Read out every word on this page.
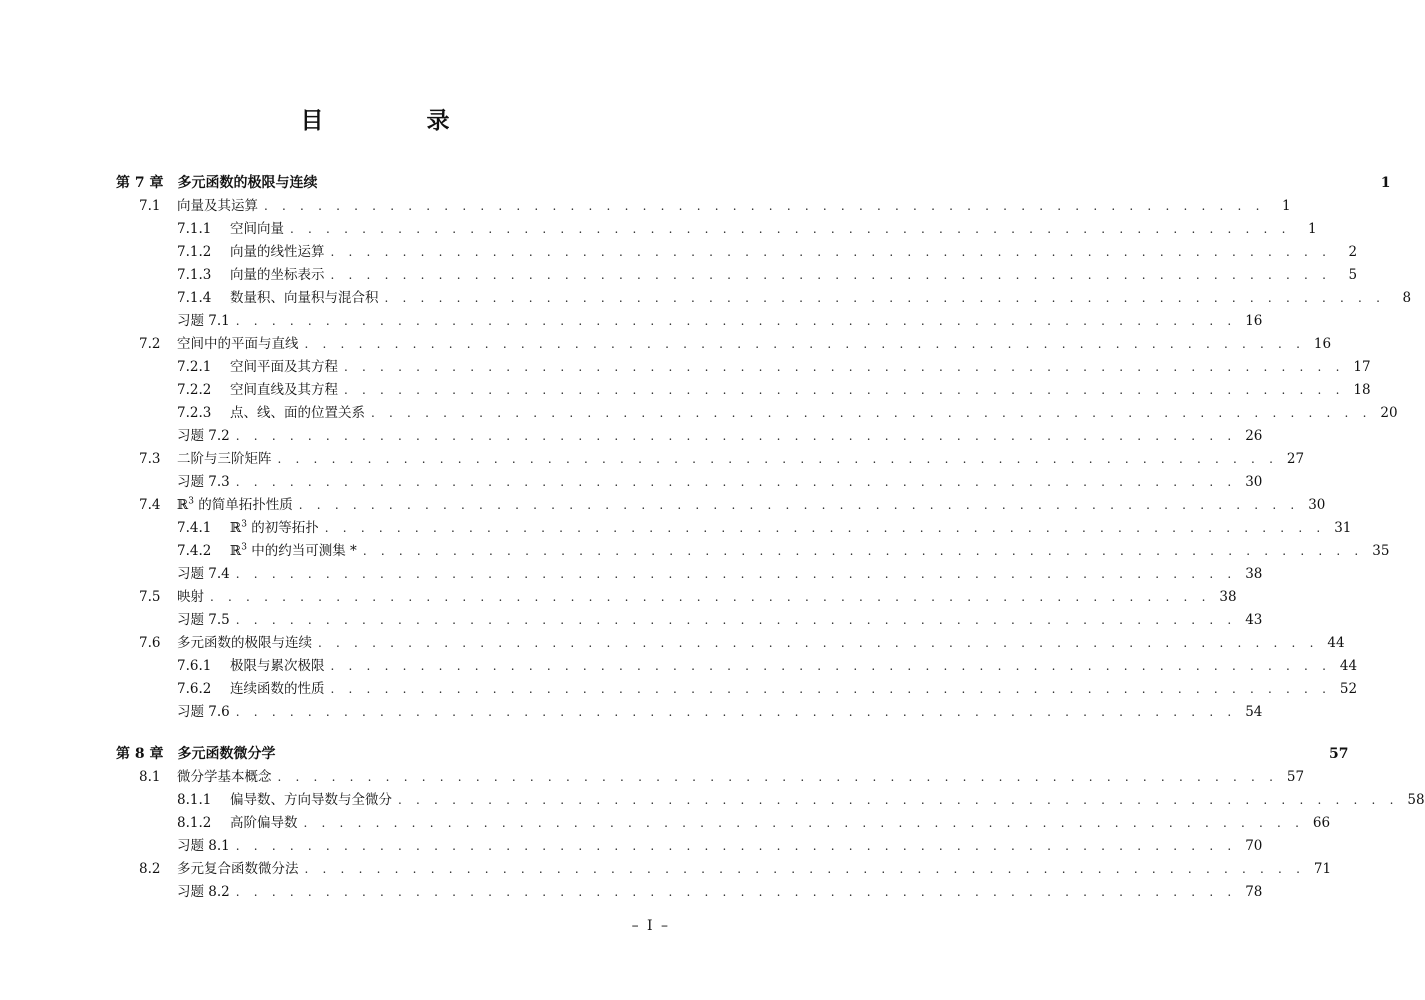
目　录
第 7 章 多元函数的极限与连续	1
7.1	向量及其运算 . . . . . . . . . . . . . . . . . . . . . . . . . . . . . . . . . . . . . . . . . . . . . . . . . . . . . . . .	1
7.1.1	空间向量 . . . . . . . . . . . . . . . . . . . . . . . . . . . . . . . . . . . . . . . . . . . . . . . . . . . . . . . .	1
7.1.2	向量的线性运算 . . . . . . . . . . . . . . . . . . . . . . . . . . . . . . . . . . . . . . . . . . . . . . . . . . . . . . . .	2
7.1.3	向量的坐标表示 . . . . . . . . . . . . . . . . . . . . . . . . . . . . . . . . . . . . . . . . . . . . . . . . . . . . . . . .	5
7.1.4	数量积、向量积与混合积 . . . . . . . . . . . . . . . . . . . . . . . . . . . . . . . . . . . . . . . . . . . . . . . . . . . . . . . .	8
习题 7.1 . . . . . . . . . . . . . . . . . . . . . . . . . . . . . . . . . . . . . . . . . . . . . . . . . . . . . . . . 16
7.2	空间中的平面与直线 . . . . . . . . . . . . . . . . . . . . . . . . . . . . . . . . . . . . . . . . . . . . . . . . . . . . . . . . 16
7.2.1	空间平面及其方程 . . . . . . . . . . . . . . . . . . . . . . . . . . . . . . . . . . . . . . . . . . . . . . . . . . . . . . . . 17
7.2.2	空间直线及其方程 . . . . . . . . . . . . . . . . . . . . . . . . . . . . . . . . . . . . . . . . . . . . . . . . . . . . . . . . 18
7.2.3	点、线、面的位置关系 . . . . . . . . . . . . . . . . . . . . . . . . . . . . . . . . . . . . . . . . . . . . . . . . . . . . . . . . 20
习题 7.2 . . . . . . . . . . . . . . . . . . . . . . . . . . . . . . . . . . . . . . . . . . . . . . . . . . . . . . . . 26
7.3	二阶与三阶矩阵 . . . . . . . . . . . . . . . . . . . . . . . . . . . . . . . . . . . . . . . . . . . . . . . . . . . . . . . . 27
习题 7.3 . . . . . . . . . . . . . . . . . . . . . . . . . . . . . . . . . . . . . . . . . . . . . . . . . . . . . . . . 30
7.4	ℝ$^3$ 的简单拓扑性质 . . . . . . . . . . . . . . . . . . . . . . . . . . . . . . . . . . . . . . . . . . . . . . . . . . . . . . . . 30
7.4.1	ℝ$^3$ 的初等拓扑 . . . . . . . . . . . . . . . . . . . . . . . . . . . . . . . . . . . . . . . . . . . . . . . . . . . . . . . . 31
7.4.2	ℝ$^3$ 中的约当可测集 * . . . . . . . . . . . . . . . . . . . . . . . . . . . . . . . . . . . . . . . . . . . . . . . . . . . . . . . . 35
习题 7.4 . . . . . . . . . . . . . . . . . . . . . . . . . . . . . . . . . . . . . . . . . . . . . . . . . . . . . . . . 38
7.5	映射 . . . . . . . . . . . . . . . . . . . . . . . . . . . . . . . . . . . . . . . . . . . . . . . . . . . . . . . . 38
习题 7.5 . . . . . . . . . . . . . . . . . . . . . . . . . . . . . . . . . . . . . . . . . . . . . . . . . . . . . . . . 43
7.6	多元函数的极限与连续 . . . . . . . . . . . . . . . . . . . . . . . . . . . . . . . . . . . . . . . . . . . . . . . . . . . . . . . . 44
7.6.1	极限与累次极限 . . . . . . . . . . . . . . . . . . . . . . . . . . . . . . . . . . . . . . . . . . . . . . . . . . . . . . . . 44
7.6.2	连续函数的性质 . . . . . . . . . . . . . . . . . . . . . . . . . . . . . . . . . . . . . . . . . . . . . . . . . . . . . . . . 52
习题 7.6 . . . . . . . . . . . . . . . . . . . . . . . . . . . . . . . . . . . . . . . . . . . . . . . . . . . . . . . . 54
第 8 章 多元函数微分学	57
8.1	微分学基本概念 . . . . . . . . . . . . . . . . . . . . . . . . . . . . . . . . . . . . . . . . . . . . . . . . . . . . . . . . 57
8.1.1	偏导数、方向导数与全微分 . . . . . . . . . . . . . . . . . . . . . . . . . . . . . . . . . . . . . . . . . . . . . . . . . . . . . . . . 58
8.1.2	高阶偏导数 . . . . . . . . . . . . . . . . . . . . . . . . . . . . . . . . . . . . . . . . . . . . . . . . . . . . . . . . 66
习题 8.1 . . . . . . . . . . . . . . . . . . . . . . . . . . . . . . . . . . . . . . . . . . . . . . . . . . . . . . . . 70
8.2	多元复合函数微分法 . . . . . . . . . . . . . . . . . . . . . . . . . . . . . . . . . . . . . . . . . . . . . . . . . . . . . . . . 71
习题 8.2 . . . . . . . . . . . . . . . . . . . . . . . . . . . . . . . . . . . . . . . . . . . . . . . . . . . . . . . . 78
– I –
